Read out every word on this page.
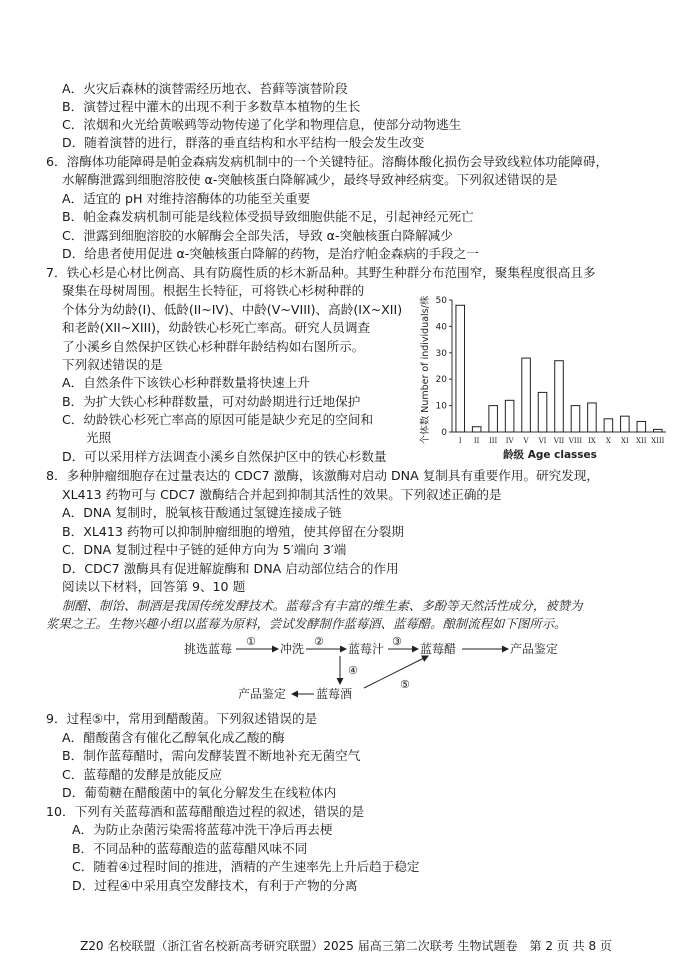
A．火灾后森林的演替需经历地衣、苔藓等演替阶段
B．演替过程中灌木的出现不利于多数草本植物的生长
C．浓烟和火光给黄喉鹀等动物传递了化学和物理信息，使部分动物逃生
D．随着演替的进行，群落的垂直结构和水平结构一般会发生改变
6．溶酶体功能障碍是帕金森病发病机制中的一个关键特征。溶酶体酸化损伤会导致线粒体功能障碍，
水解酶泄露到细胞溶胶使 α-突触核蛋白降解减少，最终导致神经病变。下列叙述错误的是
A．适宜的 pH 对维持溶酶体的功能至关重要
B．帕金森发病机制可能是线粒体受损导致细胞供能不足，引起神经元死亡
C．泄露到细胞溶胶的水解酶会全部失活，导致 α-突触核蛋白降解减少
D．给患者使用促进 α-突触核蛋白降解的药物，是治疗帕金森病的手段之一
7．铁心杉是心材比例高、具有防腐性质的杉木新品种。其野生种群分布范围窄，聚集程度很高且多
聚集在母树周围。根据生长特征，可将铁心杉树种群的
个体分为幼龄(I)、低龄(II~IV)、中龄(V~VIII)、高龄(IX~XII)
和老龄(XII~XIII)，幼龄铁心杉死亡率高。研究人员调查
了小溪乡自然保护区铁心杉种群年龄结构如右图所示。
下列叙述错误的是
A．自然条件下该铁心杉种群数量将快速上升
B．为扩大铁心杉种群数量，可对幼龄期进行迁地保护
C．幼龄铁心杉死亡率高的原因可能是缺少充足的空间和
光照
D．可以采用样方法调查小溪乡自然保护区中的铁心杉数量
个体数 Number of individuals/株
龄级 Age classes
0
10
20
30
40
50
I II III IV V VI VII VIII IX X XI XII XIII
8．多种肿瘤细胞存在过量表达的 CDC7 激酶，该激酶对启动 DNA 复制具有重要作用。研究发现，
XL413 药物可与 CDC7 激酶结合并起到抑制其活性的效果。下列叙述正确的是
A．DNA 复制时，脱氧核苷酸通过氢键连接成子链
B．XL413 药物可以抑制肿瘤细胞的增殖，使其停留在分裂期
C．DNA 复制过程中子链的延伸方向为 5′端向 3′端
D．CDC7 激酶具有促进解旋酶和 DNA 启动部位结合的作用
阅读以下材料，回答第 9、10 题
制醋、制饴、制酒是我国传统发酵技术。蓝莓含有丰富的维生素、多酚等天然活性成分，被赞为
浆果之王。生物兴趣小组以蓝莓为原料，尝试发酵制作蓝莓酒、蓝莓醋。酿制流程如下图所示。
挑选蓝莓	冲洗	蓝莓汁	蓝莓醋	产品鉴定
蓝莓酒
产品鉴定
①	②	③
④
⑤
9．过程⑤中，常用到醋酸菌。下列叙述错误的是
A．醋酸菌含有催化乙醇氧化成乙酸的酶
B．制作蓝莓醋时，需向发酵装置不断地补充无菌空气
C．蓝莓醋的发酵是放能反应
D．葡萄糖在醋酸菌中的氧化分解发生在线粒体内
10．下列有关蓝莓酒和蓝莓醋酿造过程的叙述，错误的是
A．为防止杂菌污染需将蓝莓冲洗干净后再去梗
B．不同品种的蓝莓酿造的蓝莓醋风味不同
C．随着④过程时间的推进，酒精的产生速率先上升后趋于稳定
D．过程④中采用真空发酵技术，有利于产物的分离
Z20 名校联盟（浙江省名校新高考研究联盟）2025 届高三第二次联考 生物试题卷　第 2 页 共 8 页
